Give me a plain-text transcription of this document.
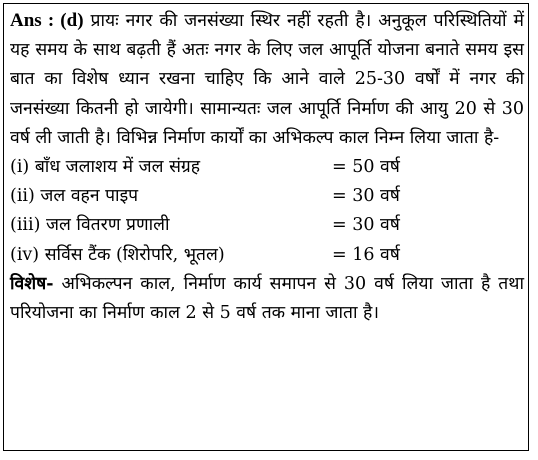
Ans : (d) प्रायः नगर की जनसंख्या स्थिर नहीं रहती है। अनुकूल परिस्थितियों में यह समय के साथ बढ़ती हैं अतः नगर के लिए जल आपूर्ति योजना बनाते समय इस बात का विशेष ध्यान रखना चाहिए कि आने वाले 25-30 वर्षों में नगर की जनसंख्या कितनी हो जायेगी। सामान्यतः जल आपूर्ति निर्माण की आयु 20 से 30 वर्ष ली जाती है। विभिन्न निर्माण कार्यों का अभिकल्प काल निम्न लिया जाता है-

(i) बाँध जलाशय में जल संग्रह	= 50 वर्ष
(ii) जल वहन पाइप	= 30 वर्ष
(iii) जल वितरण प्रणाली	= 30 वर्ष
(iv) सर्विस टैंक (शिरोपरि, भूतल)	= 16 वर्ष

विशेष- अभिकल्पन काल, निर्माण कार्य समापन से 30 वर्ष लिया जाता है तथा परियोजना का निर्माण काल 2 से 5 वर्ष तक माना जाता है।
